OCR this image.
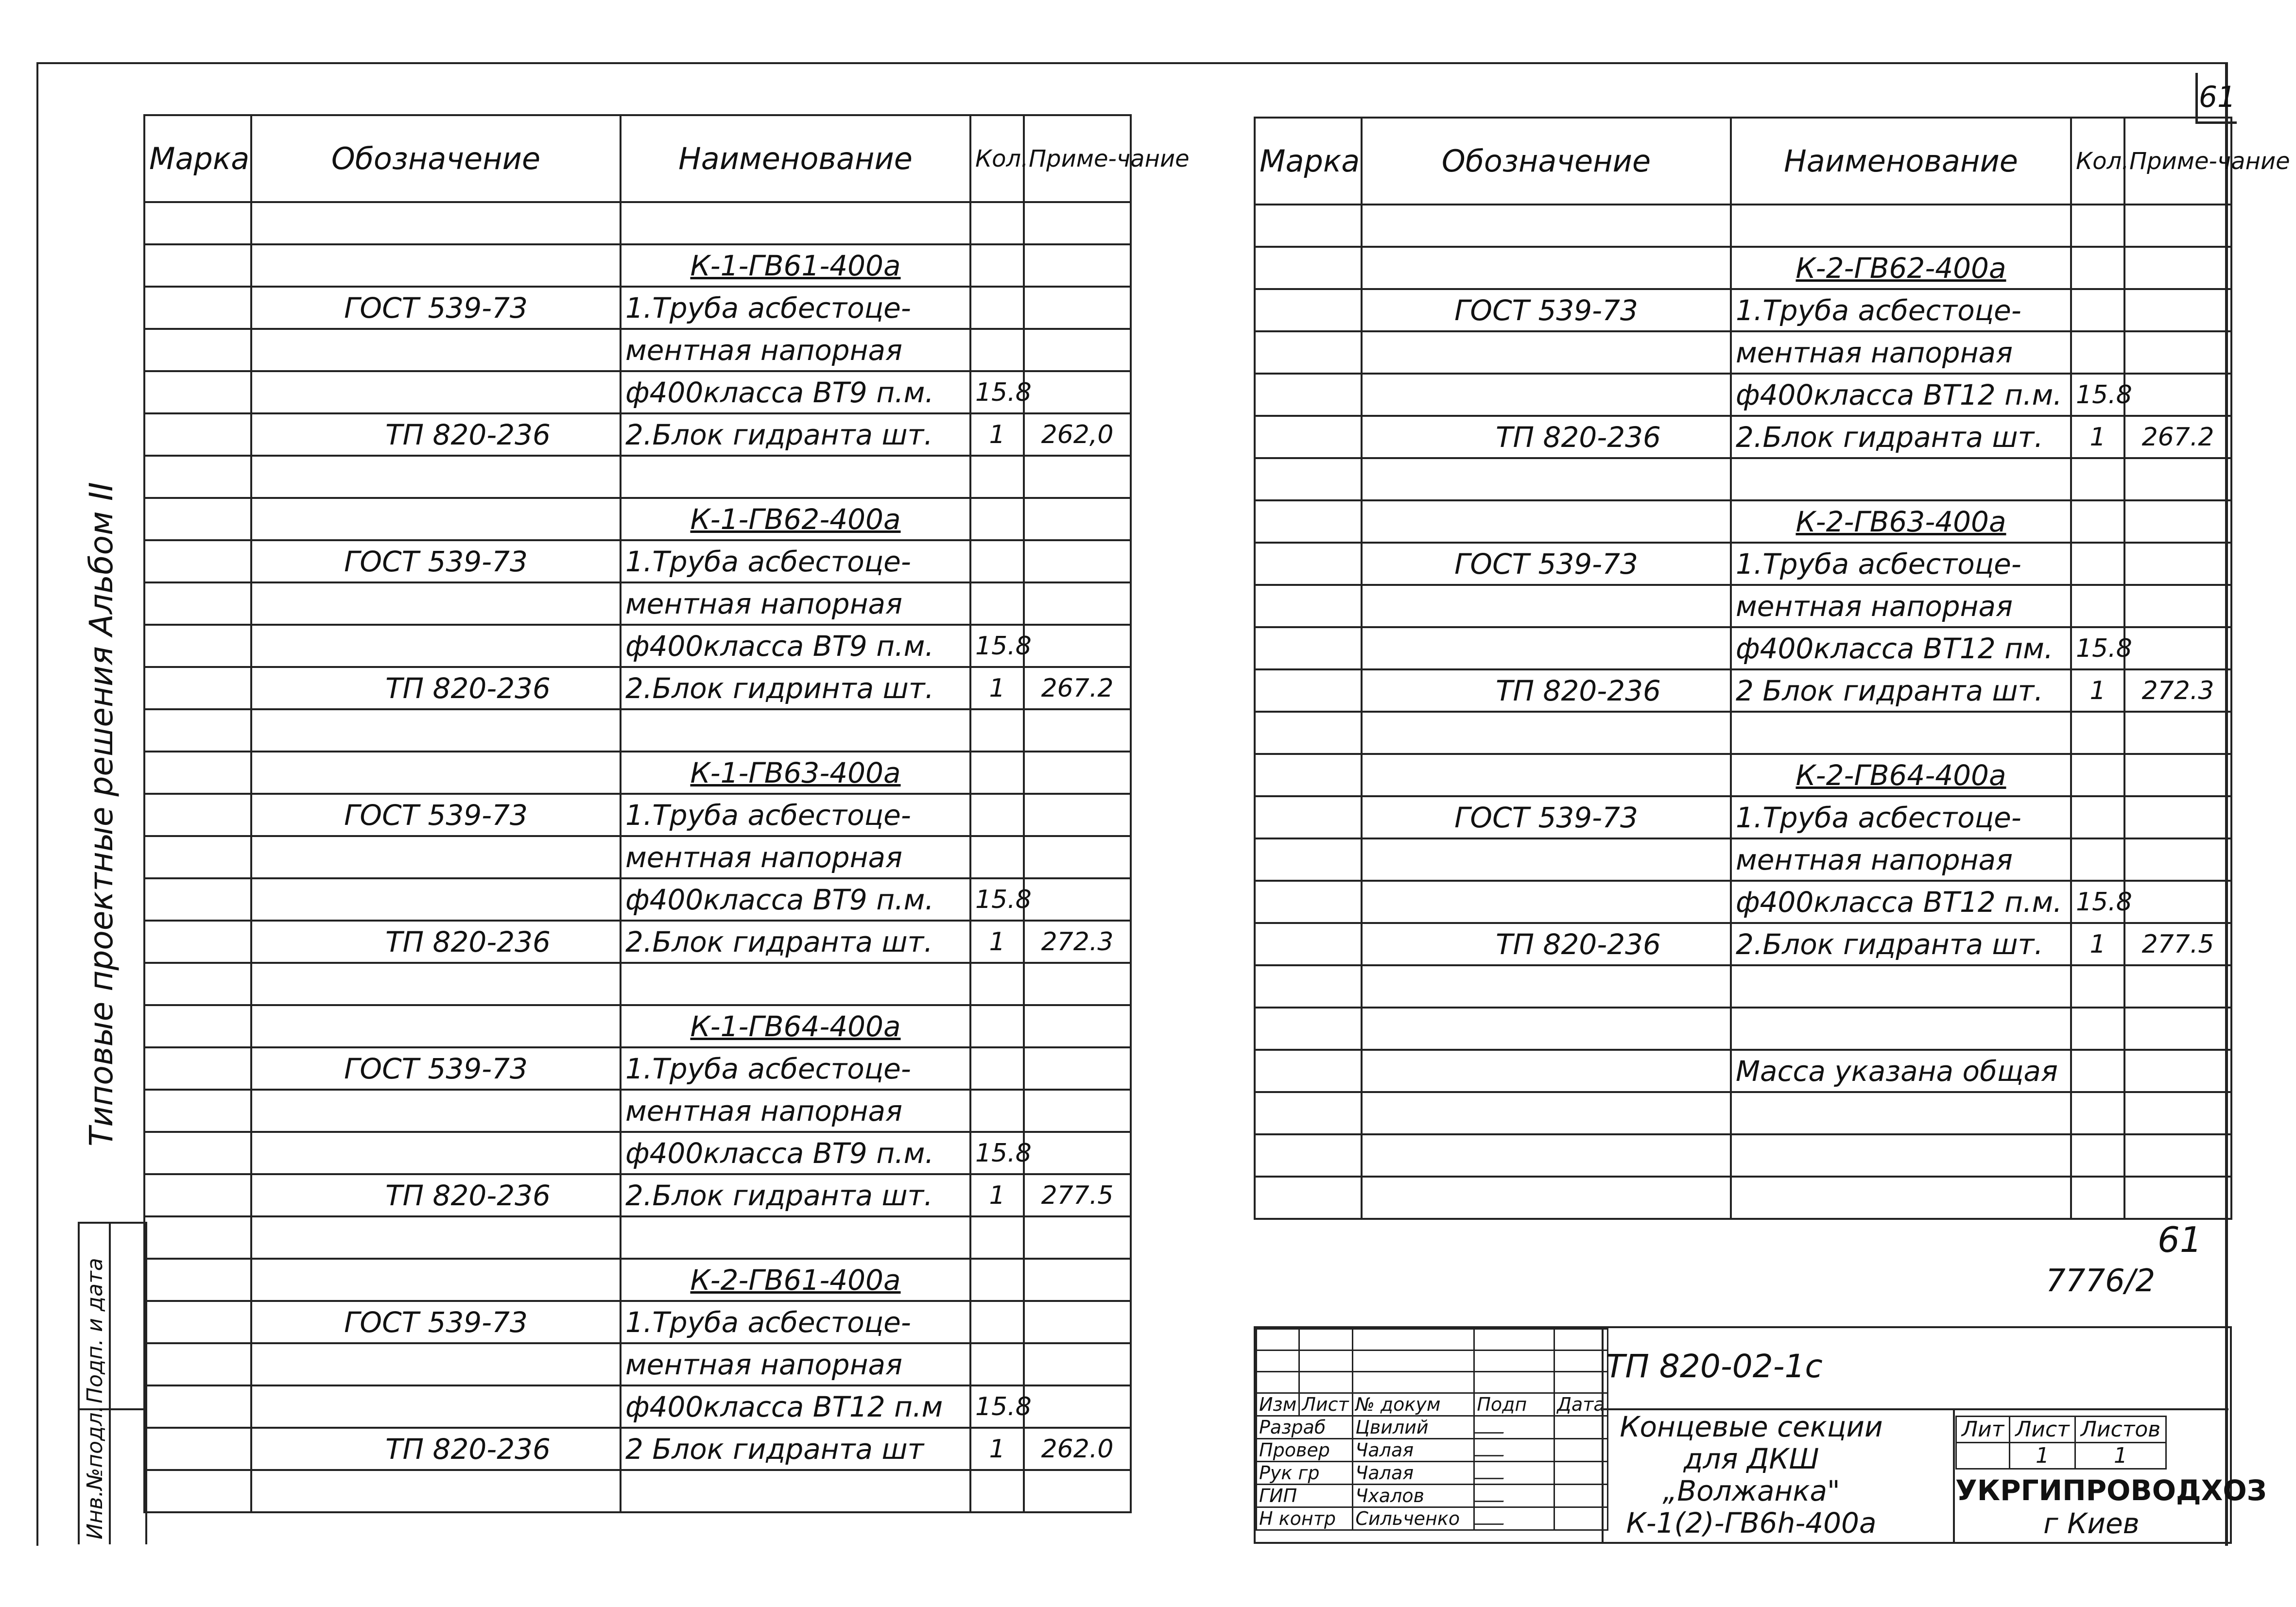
61
Типовые проектные решения Альбом II
Марка	Обозначение	Наименование	Кол.	Приме-чание

		К-1-ГВ61-400а		
	ГОСТ 539-73	1.Труба асбестоце-		
		ментная напорная		
		ф400класса ВТ9 п.м.	15.8	
	ТП 820-236	2.Блок гидранта шт.	1	262,0

		К-1-ГВ62-400а		
	ГОСТ 539-73	1.Труба асбестоце-		
		ментная напорная		
		ф400класса ВТ9 п.м.	15.8	
	ТП 820-236	2.Блок гидринта шт.	1	267.2

		К-1-ГВ63-400а		
	ГОСТ 539-73	1.Труба асбестоце-		
		ментная напорная		
		ф400класса ВТ9 п.м.	15.8	
	ТП 820-236	2.Блок гидранта шт.	1	272.3

		К-1-ГВ64-400а		
	ГОСТ 539-73	1.Труба асбестоце-		
		ментная напорная		
		ф400класса ВТ9 п.м.	15.8	
	ТП 820-236	2.Блок гидранта шт.	1	277.5

		К-2-ГВ61-400а		
	ГОСТ 539-73	1.Труба асбестоце-		
		ментная напорная		
		ф400класса ВТ12 п.м	15.8	
	ТП 820-236	2 Блок гидранта шт	1	262.0

Марка	Обозначение	Наименование	Кол.	Приме-чание

		К-2-ГВ62-400а		
	ГОСТ 539-73	1.Труба асбестоце-		
		ментная напорная		
		ф400класса ВТ12 п.м.	15.8	
	ТП 820-236	2.Блок гидранта шт.	1	267.2

		К-2-ГВ63-400а		
	ГОСТ 539-73	1.Труба асбестоце-		
		ментная напорная		
		ф400класса ВТ12 пм.	15.8	
	ТП 820-236	2 Блок гидранта шт.	1	272.3

		К-2-ГВ64-400а		
	ГОСТ 539-73	1.Труба асбестоце-		
		ментная напорная		
		ф400класса ВТ12 п.м.	15.8	
	ТП 820-236	2.Блок гидранта шт.	1	277.5

		Масса указана общая		

Подп. и дата
Инв.№подл.
61
7776/2

Изм	Лист	№ докум	Подп	Дата
Разраб		Цвилий		
Провер		Чалая		
Рук гр		Чалая		
ГИП		Чхалов		
Н контр		Сильченко		
ТП 820-02-1с
Концевые секции
для ДКШ „Волжанка"
К-1(2)-ГВ6h-400а
Лит	Лист	Листов
	1	1
УКРГИПРОВОДХОЗ
г Киев
